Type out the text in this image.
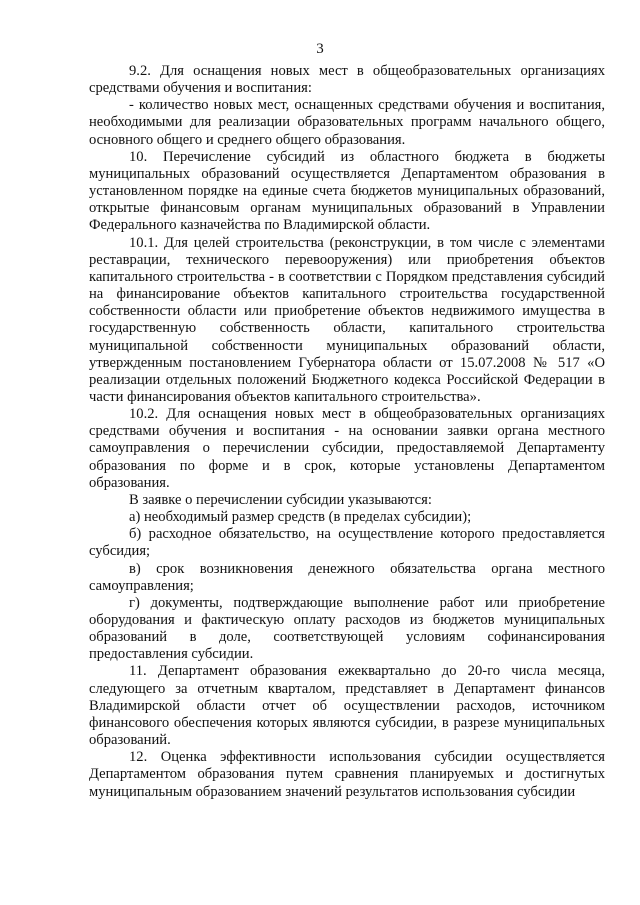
3

9.2. Для оснащения новых мест в общеобразовательных организациях средствами обучения и воспитания:

- количество новых мест, оснащенных средствами обучения и воспитания, необходимыми для реализации образовательных программ начального общего, основного общего и среднего общего образования.

10. Перечисление субсидий из областного бюджета в бюджеты муниципальных образований осуществляется Департаментом образования в установленном порядке на единые счета бюджетов муниципальных образований, открытые финансовым органам муниципальных образований в Управлении Федерального казначейства по Владимирской области.

10.1. Для целей строительства (реконструкции, в том числе с элементами реставрации, технического перевооружения) или приобретения объектов капитального строительства - в соответствии с Порядком представления субсидий на финансирование объектов капитального строительства государственной собственности области или приобретение объектов недвижимого имущества в государственную собственность области, капитального строительства муниципальной собственности муниципальных образований области, утвержденным постановлением Губернатора области от 15.07.2008 № 517 «О реализации отдельных положений Бюджетного кодекса Российской Федерации в части финансирования объектов капитального строительства».

10.2. Для оснащения новых мест в общеобразовательных организациях средствами обучения и воспитания - на основании заявки органа местного самоуправления о перечислении субсидии, предоставляемой Департаменту образования по форме и в срок, которые установлены Департаментом образования.

В заявке о перечислении субсидии указываются:

а) необходимый размер средств (в пределах субсидии);

б) расходное обязательство, на осуществление которого предоставляется субсидия;

в) срок возникновения денежного обязательства органа местного самоуправления;

г) документы, подтверждающие выполнение работ или приобретение оборудования и фактическую оплату расходов из бюджетов муниципальных образований в доле, соответствующей условиям софинансирования предоставления субсидии.

11. Департамент образования ежеквартально до 20-го числа месяца, следующего за отчетным кварталом, представляет в Департамент финансов Владимирской области отчет об осуществлении расходов, источником финансового обеспечения которых являются субсидии, в разрезе муниципальных образований.

12. Оценка эффективности использования субсидии осуществляется Департаментом образования путем сравнения планируемых и достигнутых муниципальным образованием значений результатов использования субсидии
